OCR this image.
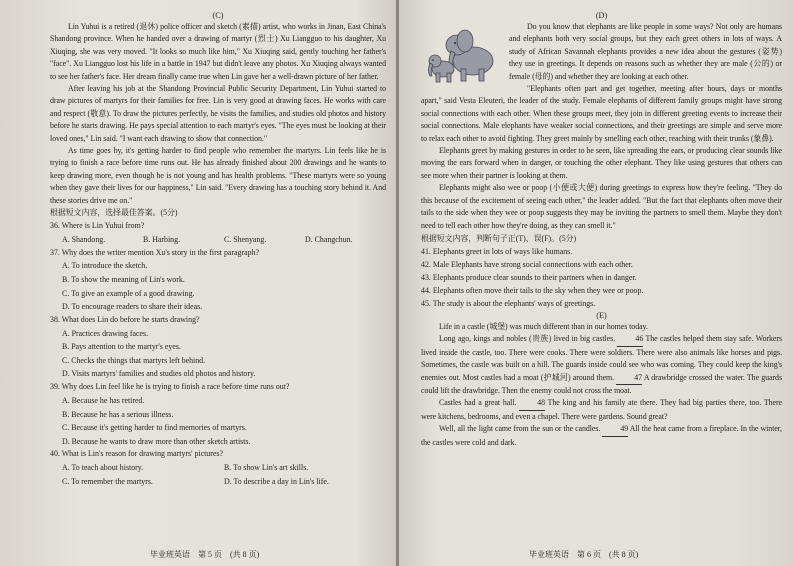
(C)

Lin Yuhui is a retired (退休) police officer and sketch (素描) artist, who works in Jinan, East China's Shandong province. When he handed over a drawing of martyr (烈士) Xu Liangguo to his daughter, Xu Xiuqing, she was very moved. "It looks so much like him," Xu Xiuqing said, gently touching her father's "face". Xu Liangguo lost his life in a battle in 1947 but didn't leave any photos. Xu Xiuqing always wanted to see her father's face. Her dream finally came true when Lin gave her a well-drawn picture of her father.

After leaving his job at the Shandong Provincial Public Security Department, Lin Yuhui started to draw pictures of martyrs for their families for free. Lin is very good at drawing faces. He works with care and respect (敬意). To draw the pictures perfectly, he visits the families, and studies old photos and history before he starts drawing. He pays special attention to each martyr's eyes. "The eyes must be looking at their loved ones," Lin said. "I want each drawing to show that connection."

As time goes by, it's getting harder to find people who remember the martyrs. Lin feels like he is trying to finish a race before time runs out. He has already finished about 200 drawings and he wants to keep drawing more, even though he is not young and has health problems. "These martyrs were so young when they gave their lives for our happiness," Lin said. "Every drawing has a touching story behind it. And these stories drive me on."

根据短文内容，选择最佳答案。(5分)
36. Where is Lin Yuhui from?
A. Shandong.	B. Harbing.	C. Shenyang.	D. Changchun.
37. Why does the writer mention Xu's story in the first paragraph?
A. To introduce the sketch.
B. To show the meaning of Lin's work.
C. To give an example of a good drawing.
D. To encourage readers to share their ideas.
38. What does Lin do before he starts drawing?
A. Practices drawing faces.
B. Pays attention to the martyr's eyes.
C. Checks the things that martyrs left behind.
D. Visits martyrs' families and studies old photos and history.
39. Why does Lin feel like he is trying to finish a race before time runs out?
A. Because he has retired.
B. Because he has a serious illness.
C. Because it's getting harder to find memories of martyrs.
D. Because he wants to draw more than other sketch artists.
40. What is Lin's reason for drawing martyrs' pictures?
A. To teach about history.	B. To show Lin's art skills.
C. To remember the martyrs.	D. To describe a day in Lin's life.
毕业班英语　第 5 页　(共 8 页)
(D)

Do you know that elephants are like people in some ways? Not only are humans and elephants both very social groups, but they each greet others in lots of ways. A study of African Savannah elephants provides a new idea about the gestures (姿势) they use in greetings. It depends on reasons such as whether they are male (公的) or female (母的) and whether they are looking at each other.

"Elephants often part and get together, meeting after hours, days or months apart," said Vesta Eleuteri, the leader of the study. Female elephants of different family groups might have strong social connections with each other. When these groups meet, they join in different greeting events to increase their social connections. Male elephants have weaker social connections, and their greetings are simple and serve more to relax each other to avoid fighting. They greet mainly by smelling each other, reaching with their trunks (象鼻).

Elephants greet by making gestures in order to be seen, like spreading the ears, or producing clear sounds like moving the ears forward when in danger, or touching the other elephant. They like using gestures that others can see more when their partner is looking at them.

Elephants might also wee or poop (小便或大便) during greetings to express how they're feeling. "They do this because of the excitement of seeing each other," the leader added. "But the fact that elephants often move their tails to the side when they wee or poop suggests they may be inviting the partners to smell them. Maybe they don't need to tell each other how they're doing, as they can smell it."

根据短文内容，判断句子正(T)、误(F)。(5分)
41. Elephants greet in lots of ways like humans.
42. Male Elephants have strong social connections with each other.
43. Elephants produce clear sounds to their partners when in danger.
44. Elephants often move their tails to the sky when they wee or poop.
45. The study is about the elephants' ways of greetings.
(E)

Life in a castle (城堡) was much different than in our homes today.

Long ago, kings and nobles (贵族) lived in big castles.	46 The castles helped them stay safe. Workers lived inside the castle, too. There were cooks. There were soldiers. There were also animals like horses and pigs. Sometimes, the castle was built on a hill. The guards inside could see who was coming. They could keep the king's enemies out. Most castles had a moat (护城河) around them.	47 A drawbridge crossed the water. The guards could lift the drawbridge. Then the enemy could not cross the moat.

Castles had a great hall.	48 The king and his family ate there. They had big parties there, too. There were kitchens, bedrooms, and even a chapel. There were gardens. Sound great?

Well, all the light came from the sun or the candles.	49 All the heat came from a fireplace. In the winter, the castles were cold and dark.

毕业班英语　第 6 页　(共 8 页)
